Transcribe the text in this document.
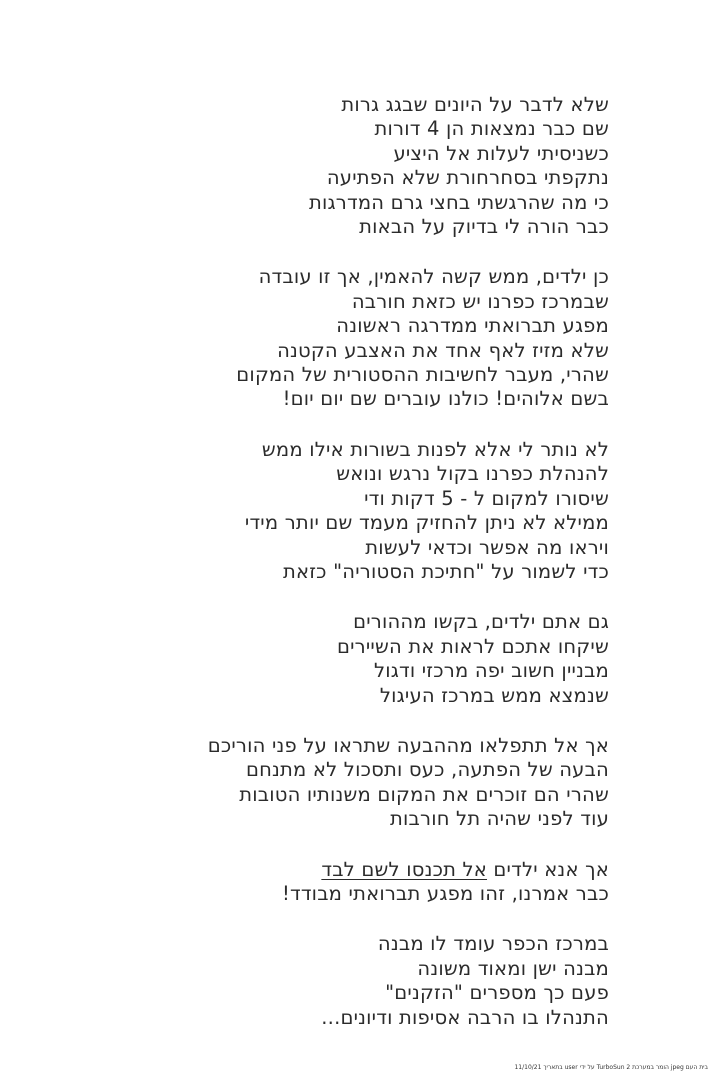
שלא לדבר על היונים שבגג גרות
שם כבר נמצאות הן 4 דורות
כשניסיתי לעלות אל היציע
נתקפתי בסחרחורת שלא הפתיעה
כי מה שהרגשתי בחצי גרם המדרגות
כבר הורה לי בדיוק על הבאות
כן ילדים, ממש קשה להאמין, אך זו עובדה
שבמרכז כפרנו יש כזאת חורבה
מפגע תברואתי ממדרגה ראשונה
שלא מזיז לאף אחד את האצבע הקטנה
שהרי, מעבר לחשיבות ההסטורית של המקום
בשם אלוהים! כולנו עוברים שם יום יום!
לא נותר לי אלא לפנות בשורות אילו ממש
להנהלת כפרנו בקול נרגש ונואש
שיסורו למקום ל - 5 דקות ודי
ממילא לא ניתן להחזיק מעמד שם יותר מידי
ויראו מה אפשר וכדאי לעשות
כדי לשמור על "חתיכת הסטוריה" כזאת
גם אתם ילדים, בקשו מההורים
שיקחו אתכם לראות את השיירים
מבניין חשוב יפה מרכזי ודגול
שנמצא ממש במרכז העיגול
אך אל תתפלאו מההבעה שתראו על פני הוריכם
הבעה של הפתעה, כעס ותסכול לא מתנחם
שהרי הם זוכרים את המקום משנותיו הטובות
עוד לפני שהיה תל חורבות
אך אנא ילדים אל תכנסו לשם לבד
כבר אמרנו, זהו מפגע תברואתי מבודד!
במרכז הכפר עומד לו מבנה
מבנה ישן ומאוד משונה
פעם כך מספרים "הזקנים"
התנהלו בו הרבה אסיפות ודיונים...
בית העם jpeg הומר במערכת TurboSun 2 על ידי user בתאריך 11/10/21
